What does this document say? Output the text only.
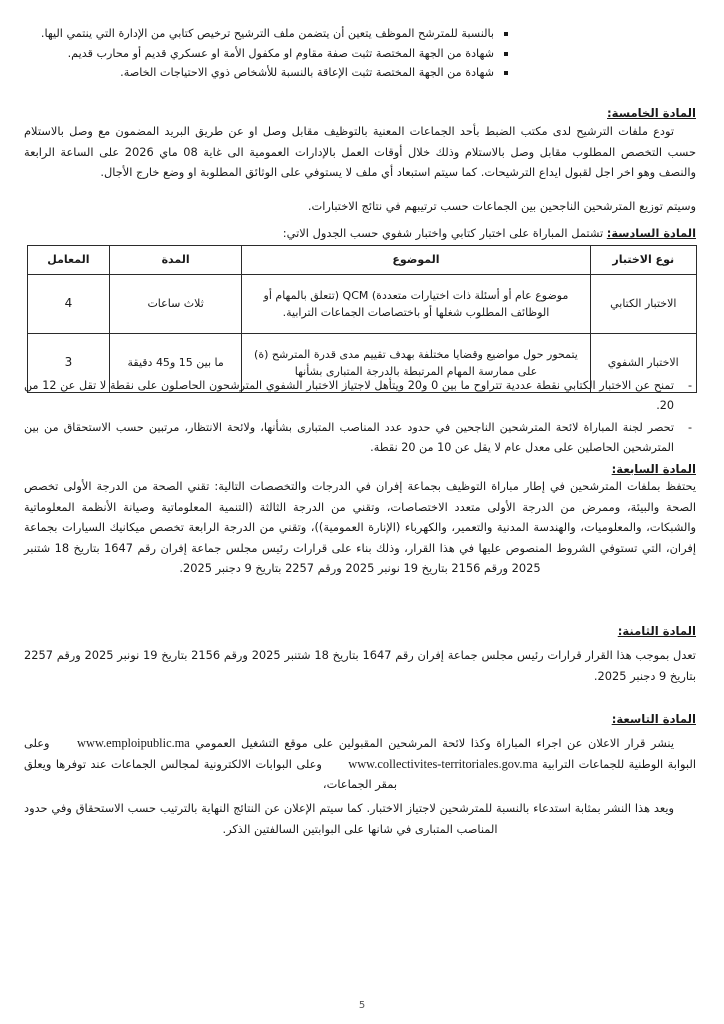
بالنسبة للمترشح الموظف يتعين أن يتضمن ملف الترشيح ترخيص كتابي من الإدارة التي ينتمي اليها.
شهادة من الجهة المختصة تثبت صفة مقاوم او مكفول الأمة او عسكري قديم أو محارب قديم.
شهادة من الجهة المختصة تثبت الإعاقة بالنسبة للأشخاص ذوي الاحتياجات الخاصة.
المادة الخامسة:

تودع ملفات الترشيح لدى مكتب الضبط بأحد الجماعات المعنية بالتوظيف مقابل وصل او عن طريق البريد المضمون مع وصل بالاستلام حسب التخصص المطلوب مقابل وصل بالاستلام وذلك خلال أوقات العمل بالإدارات العمومية الى غاية 08 ماي 2026 على الساعة الرابعة والنصف وهو اخر اجل لقبول ايداع الترشيحات. كما سيتم استبعاد أي ملف لا يستوفي على الوثائق المطلوبة او وضع خارج الأجال.

وسيتم توزيع المترشحين الناجحين بين الجماعات حسب ترتيبهم في نتائج الاختبارات.
المادة السادسة: تشتمل المباراة على اختبار كتابي واختبار شفوي حسب الجدول الاتي:
نوع الاختبار	الموضوع	المدة	المعامل
الاختبار الكتابي	موضوع عام أو أسئلة ذات اختيارات متعددة) QCM (تتعلق بالمهام أو الوظائف المطلوب شغلها أو باختصاصات الجماعات الترابية.	ثلاث ساعات	4
الاختبار الشفوي	يتمحور حول مواضيع وقضايا مختلفة بهدف تقييم مدى قدرة المترشح (ة) على ممارسة المهام المرتبطة بالدرجة المتبارى بشأنها	ما بين 15 و45 دقيقة	3
- تمنح عن الاختبار الكتابي نقطة عددية تتراوح ما بين 0 و20 ويتأهل لاجتياز الاختبار الشفوي المترشحون الحاصلون على نقطة لا تقل عن 12 من 20.
- تحصر لجنة المباراة لائحة المترشحين الناجحين في حدود عدد المناصب المتبارى بشأنها، ولائحة الانتظار، مرتبين حسب الاستحقاق من بين المترشحين الحاصلين على معدل عام لا يقل عن 10 من 20 نقطة.
المادة السابعة:

يحتفظ بملفات المترشحين في إطار مباراة التوظيف بجماعة إفران في الدرجات والتخصصات التالية: تقني الصحة من الدرجة الأولى تخصص الصحة والبيئة، وممرض من الدرجة الأولى متعدد الاختصاصات، وتقني من الدرجة الثالثة (التنمية المعلوماتية وصيانة الأنظمة المعلوماتية والشبكات، والمعلوميات، والهندسة المدنية والتعمير، والكهرباء (الإنارة العمومية))، وتقني من الدرجة الرابعة تخصص ميكانيك السيارات بجماعة إفران، التي تستوفي الشروط المنصوص عليها في هذا القرار، وذلك بناء على قرارات رئيس مجلس جماعة إفران رقم 1647 بتاريخ 18 شتنبر 2025 ورقم 2156 بتاريخ 19 نونبر 2025 ورقم 2257 بتاريخ 9 دجنبر 2025.

المادة الثامنة:

تعدل بموجب هذا القرار قرارات رئيس مجلس جماعة إفران رقم 1647 بتاريخ 18 شتنبر 2025 ورقم 2156 بتاريخ 19 نونبر 2025 ورقم 2257 بتاريخ 9 دجنبر 2025.

المادة التاسعة:

ينشر قرار الاعلان عن اجراء المباراة وكذا لائحة المرشحين المقبولين على موقع التشغيل العمومي www.emploipublic.ma وعلى البوابة الوطنية للجماعات الترابية www.collectivites-territoriales.gov.ma وعلى البوابات الالكترونية لمجالس الجماعات عند توفرها ويعلق بمقر الجماعات،

ويعد هذا النشر بمثابة استدعاء بالنسبة للمترشحين لاجتياز الاختبار. كما سيتم الإعلان عن النتائج النهاية بالترتيب حسب الاستحقاق وفي حدود المناصب المتبارى في شانها على البوابتين السالفتين الذكر.

5
